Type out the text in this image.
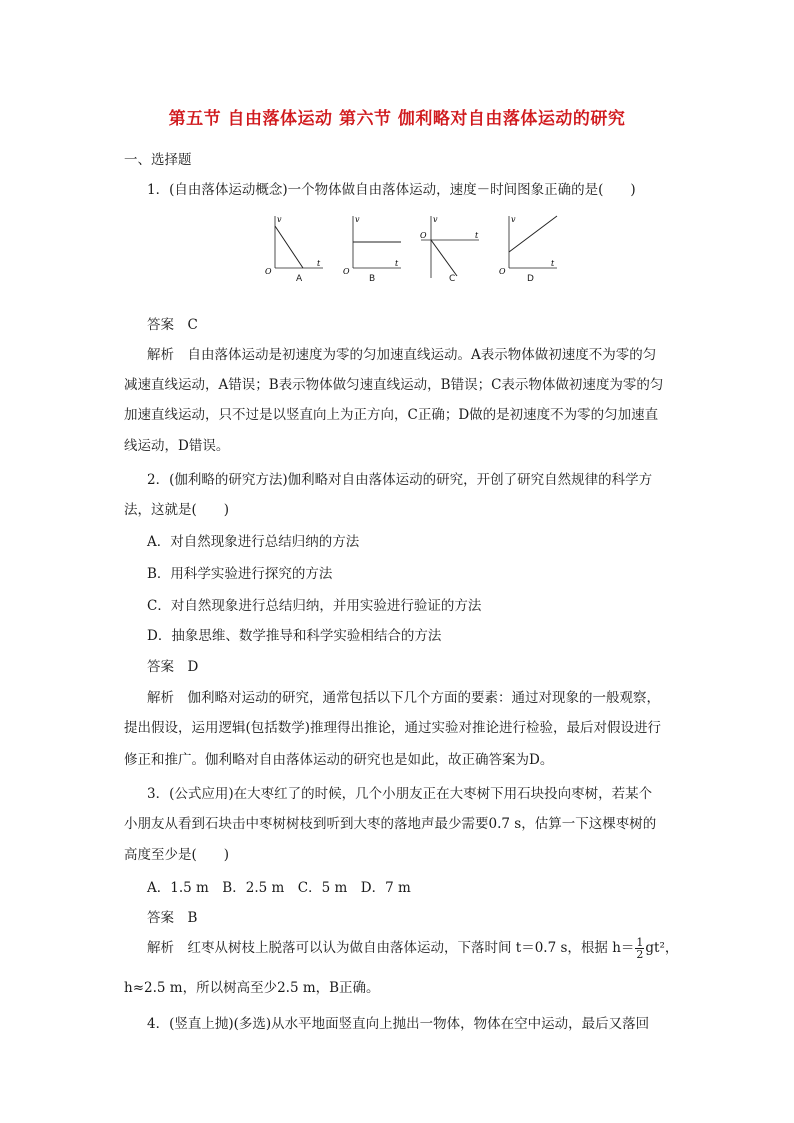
第五节 自由落体运动 第六节 伽利略对自由落体运动的研究
一、选择题
1．(自由落体运动概念)一个物体做自由落体运动，速度－时间图象正确的是(　　)
v
O
t
A
v
O
t
B
v
O	t
C
v
O
t
D
答案　C
解析　自由落体运动是初速度为零的匀加速直线运动。A表示物体做初速度不为零的匀
减速直线运动，A错误；B表示物体做匀速直线运动，B错误；C表示物体做初速度为零的匀
加速直线运动，只不过是以竖直向上为正方向，C正确；D做的是初速度不为零的匀加速直
线运动，D错误。
2．(伽利略的研究方法)伽利略对自由落体运动的研究，开创了研究自然规律的科学方
法，这就是(　　)
A．对自然现象进行总结归纳的方法
B．用科学实验进行探究的方法
C．对自然现象进行总结归纳，并用实验进行验证的方法
D．抽象思维、数学推导和科学实验相结合的方法
答案　D
解析　伽利略对运动的研究，通常包括以下几个方面的要素：通过对现象的一般观察，
提出假设，运用逻辑(包括数学)推理得出推论，通过实验对推论进行检验，最后对假设进行
修正和推广。伽利略对自由落体运动的研究也是如此，故正确答案为D。
3．(公式应用)在大枣红了的时候，几个小朋友正在大枣树下用石块投向枣树，若某个
小朋友从看到石块击中枣树树枝到听到大枣的落地声最少需要0.7 s，估算一下这棵枣树的
高度至少是(　　)
A．1.5 m　B．2.5 m　C．5 m　D．7 m
答案　B
解析　红枣从树枝上脱落可以认为做自由落体运动，下落时间 t＝0.7 s，根据 $h= \frac{1}{2} gt^2$，
h≈2.5 m，所以树高至少2.5 m，B正确。
4．(竖直上抛)(多选)从水平地面竖直向上抛出一物体，物体在空中运动，最后又落回
